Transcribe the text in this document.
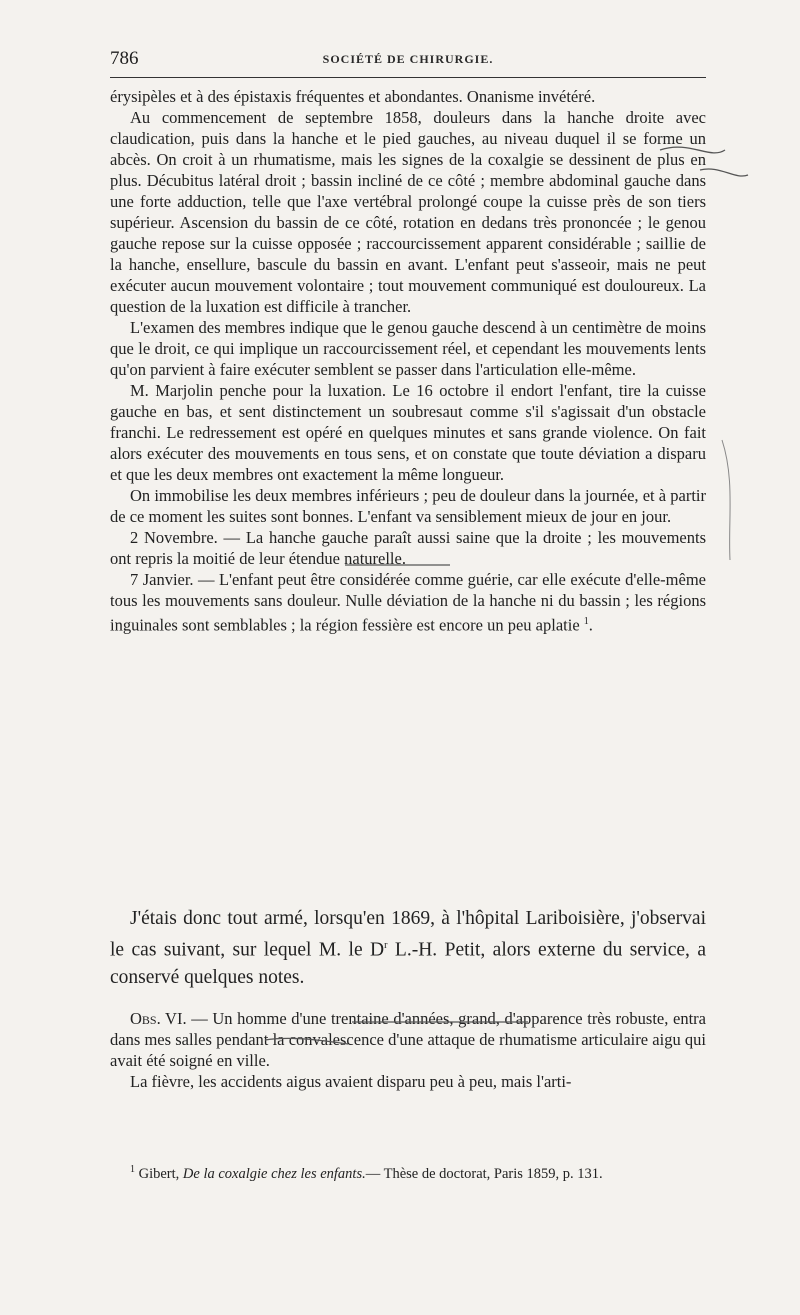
786	SOCIÉTÉ DE CHIRURGIE.

érysipèles et à des épistaxis fréquentes et abondantes. Onanisme invétéré.

Au commencement de septembre 1858, douleurs dans la hanche droite avec claudication, puis dans la hanche et le pied gauches, au niveau duquel il se forme un abcès. On croit à un rhumatisme, mais les signes de la coxalgie se dessinent de plus en plus. Décubitus latéral droit ; bassin incliné de ce côté ; membre abdominal gauche dans une forte adduction, telle que l'axe vertébral prolongé coupe la cuisse près de son tiers supérieur. Ascension du bassin de ce côté, rotation en dedans très prononcée ; le genou gauche repose sur la cuisse opposée ; raccourcissement apparent considérable ; saillie de la hanche, ensellure, bascule du bassin en avant. L'enfant peut s'asseoir, mais ne peut exécuter aucun mouvement volontaire ; tout mouvement communiqué est douloureux. La question de la luxation est difficile à trancher.

L'examen des membres indique que le genou gauche descend à un centimètre de moins que le droit, ce qui implique un raccourcissement réel, et cependant les mouvements lents qu'on parvient à faire exécuter semblent se passer dans l'articulation elle-même.

M. Marjolin penche pour la luxation. Le 16 octobre il endort l'enfant, tire la cuisse gauche en bas, et sent distinctement un soubresaut comme s'il s'agissait d'un obstacle franchi. Le redressement est opéré en quelques minutes et sans grande violence. On fait alors exécuter des mouvements en tous sens, et on constate que toute déviation a disparu et que les deux membres ont exactement la même longueur.

On immobilise les deux membres inférieurs ; peu de douleur dans la journée, et à partir de ce moment les suites sont bonnes. L'enfant va sensiblement mieux de jour en jour.

2 Novembre. — La hanche gauche paraît aussi saine que la droite ; les mouvements ont repris la moitié de leur étendue naturelle.

7 Janvier. — L'enfant peut être considérée comme guérie, car elle exécute d'elle-même tous les mouvements sans douleur. Nulle déviation de la hanche ni du bassin ; les régions inguinales sont semblables ; la région fessière est encore un peu aplatie $^1$.

J'étais donc tout armé, lorsqu'en 1869, à l'hôpital Lariboisière, j'observai le cas suivant, sur lequel M. le $D^r$ L.-H. Petit, alors externe du service, a conservé quelques notes.

Obs. VI. — Un homme d'une trentaine d'années, grand, d'apparence très robuste, entra dans mes salles pendant la convalescence d'une attaque de rhumatisme articulaire aigu qui avait été soigné en ville.

La fièvre, les accidents aigus avaient disparu peu à peu, mais l'arti-

$^1$ Gibert, De la coxalgie chez les enfants.— Thèse de doctorat, Paris 1859, p. 131.
